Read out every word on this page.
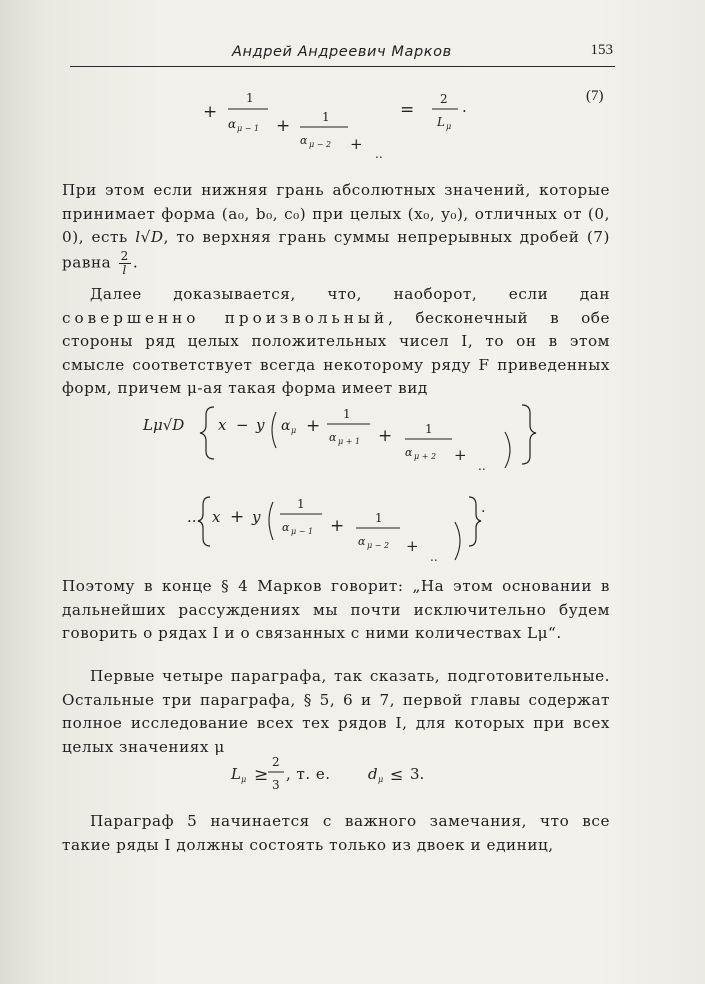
Андрей Андреевич Марков	153
(7)
+
1
α μ − 1 +	1
α μ − 2 +
..
=
2
L μ
.
При этом если нижняя грань абсолютных значений, которые принимает форма (a₀, b₀, c₀) при целых (x₀, y₀), отличных от (0, 0), есть l√D, то верхняя грань суммы непрерывных дробей (7) равна $\frac{2}{l}$ .
Далее доказывается, что, наоборот, если дан совершенно произвольный, бесконечный в обе стороны ряд целых положительных чисел I, то он в этом смысле соответствует всегда некоторому ряду F приведенных форм, причем μ-ая такая форма имеет вид
Lμ√D x − y α μ +
1
α μ + 1 +	1
α μ + 2 +
..
... x + y
1
α μ − 1 +	1
α μ − 2 +
..
.
Поэтому в конце § 4 Марков говорит: „На этом основании в дальнейших рассуждениях мы почти исключительно будем говорить о рядах I и о связанных с ними количествах Lμ“.
Первые четыре параграфа, так сказать, подготовительные. Остальные три параграфа, § 5, 6 и 7, первой главы содержат полное исследование всех тех рядов I, для которых при всех целых значениях μ
L μ ≥
2
3
, т. е. d μ ≤ 3.
Параграф 5 начинается с важного замечания, что все такие ряды I должны состоять только из двоек и единиц,
